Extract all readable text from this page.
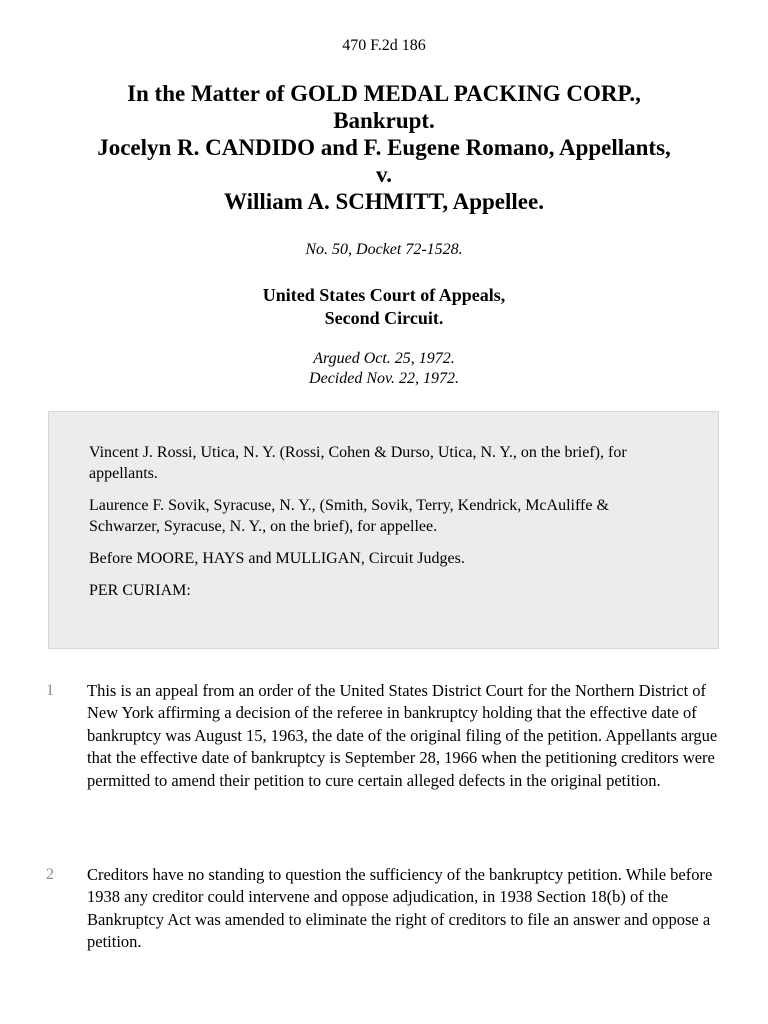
470 F.2d 186
In the Matter of GOLD MEDAL PACKING CORP.,
Bankrupt.
Jocelyn R. CANDIDO and F. Eugene Romano, Appellants,
v.
William A. SCHMITT, Appellee.
No. 50, Docket 72-1528.
United States Court of Appeals,
Second Circuit.
Argued Oct. 25, 1972.
Decided Nov. 22, 1972.

Vincent J. Rossi, Utica, N. Y. (Rossi, Cohen & Durso, Utica, N. Y., on the brief), for appellants.

Laurence F. Sovik, Syracuse, N. Y., (Smith, Sovik, Terry, Kendrick, McAuliffe & Schwarzer, Syracuse, N. Y., on the brief), for appellee.

Before MOORE, HAYS and MULLIGAN, Circuit Judges.

PER CURIAM:

1 This is an appeal from an order of the United States District Court for the Northern District of New York affirming a decision of the referee in bankruptcy holding that the effective date of bankruptcy was August 15, 1963, the date of the original filing of the petition. Appellants argue that the effective date of bankruptcy is September 28, 1966 when the petitioning creditors were permitted to amend their petition to cure certain alleged defects in the original petition.

2 Creditors have no standing to question the sufficiency of the bankruptcy petition. While before 1938 any creditor could intervene and oppose adjudication, in 1938 Section 18(b) of the Bankruptcy Act was amended to eliminate the right of creditors to file an answer and oppose a petition.
